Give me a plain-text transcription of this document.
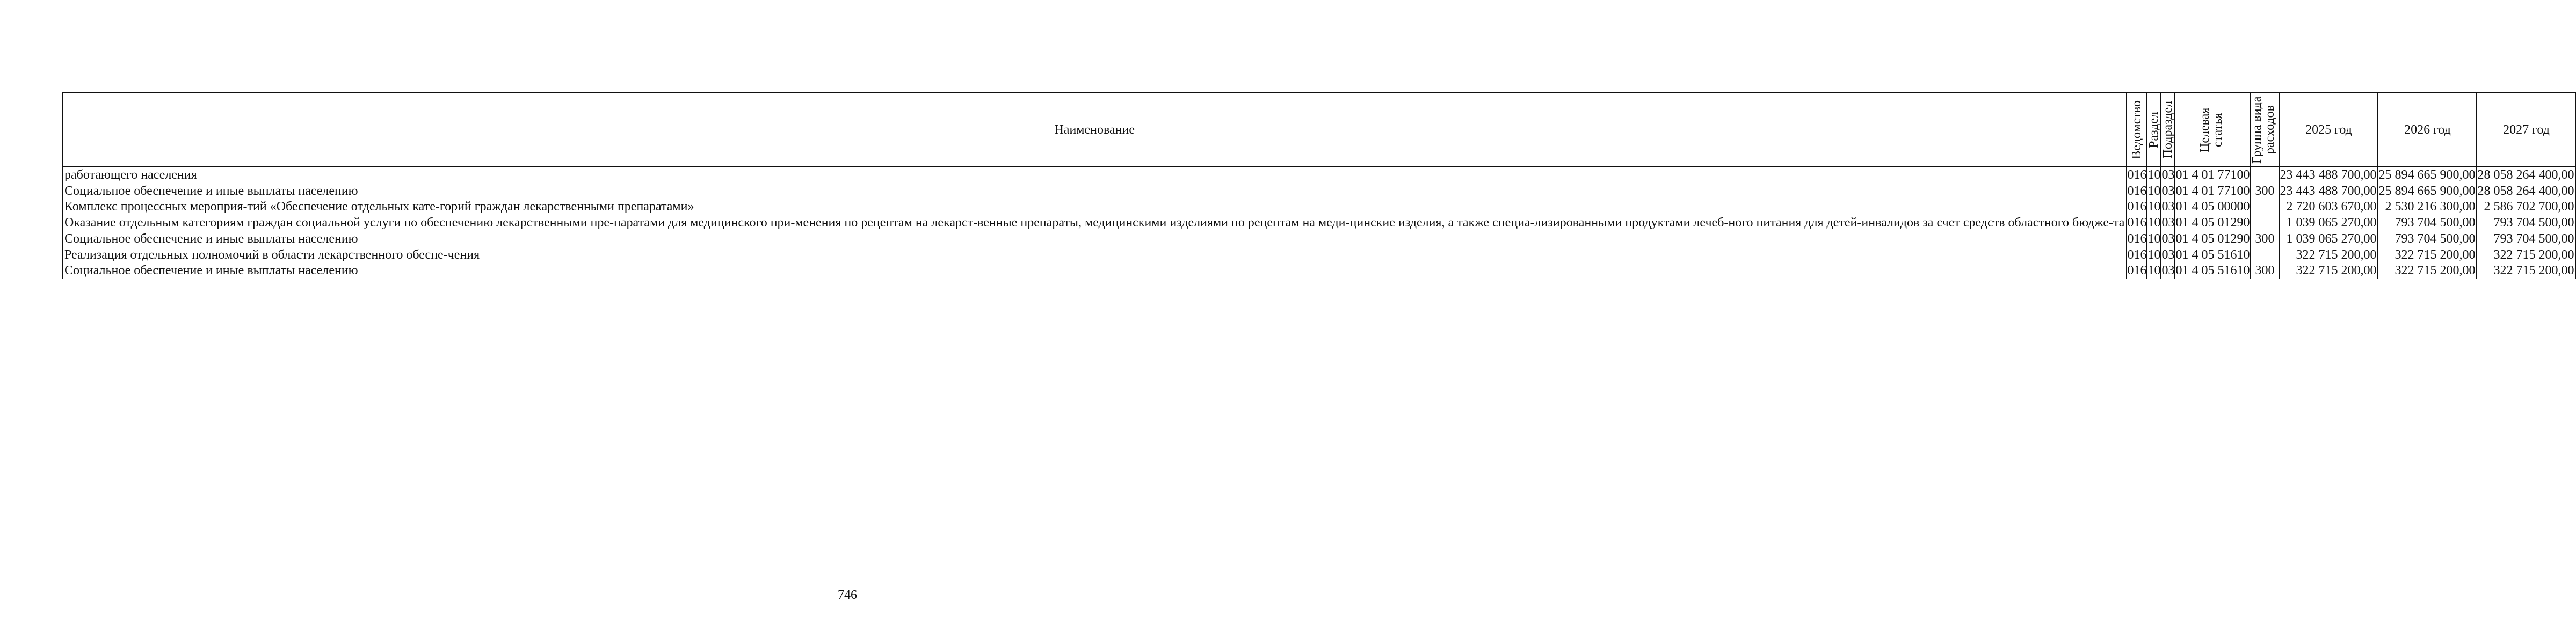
Наименование	Ведомство	Раздел	Подраздел	Целевая статья	Группа вида расходов	2025 год	2026 год	2027 год
работающего населения	016	10	03	01 4 01 77100		23 443 488 700,00	25 894 665 900,00	28 058 264 400,00
Социальное обеспечение и иные выплаты населению	016	10	03	01 4 01 77100	300	23 443 488 700,00	25 894 665 900,00	28 058 264 400,00
Комплекс процессных мероприя-тий «Обеспечение отдельных кате-горий граждан лекарственными препаратами»	016	10	03	01 4 05 00000		2 720 603 670,00	2 530 216 300,00	2 586 702 700,00
Оказание отдельным категориям граждан социальной услуги по обеспечению лекарственными пре-паратами для медицинского при-менения по рецептам на лекарст-венные препараты, медицинскими изделиями по рецептам на меди-цинские изделия, а также специа-лизированными продуктами лечеб-ного питания для детей-инвалидов за счет средств областного бюдже-та	016	10	03	01 4 05 01290		1 039 065 270,00	793 704 500,00	793 704 500,00
Социальное обеспечение и иные выплаты населению	016	10	03	01 4 05 01290	300	1 039 065 270,00	793 704 500,00	793 704 500,00
Реализация отдельных полномочий в области лекарственного обеспе-чения	016	10	03	01 4 05 51610		322 715 200,00	322 715 200,00	322 715 200,00
Социальное обеспечение и иные выплаты населению	016	10	03	01 4 05 51610	300	322 715 200,00	322 715 200,00	322 715 200,00
746
